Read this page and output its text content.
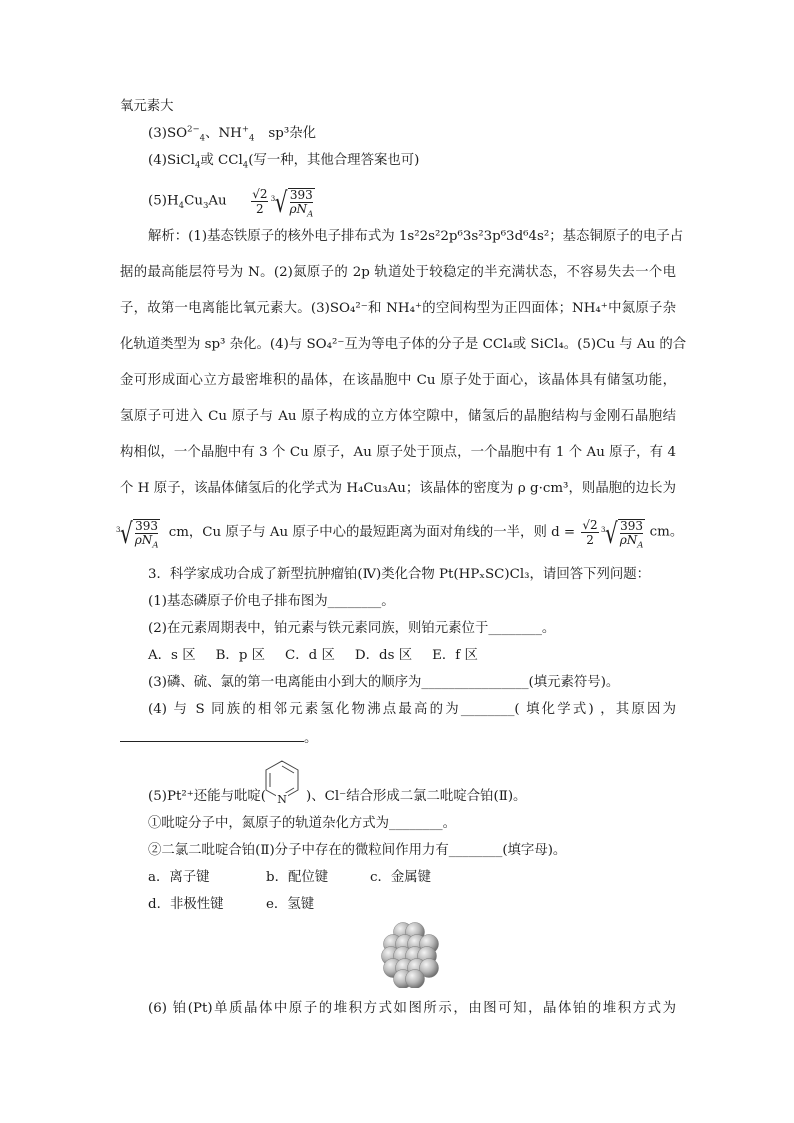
氧元素大
$(3)SO^{2-}_4$、$NH^+_4$ sp³杂化
(4)SiCl$_4$或 CCl$_4$(写一种，其他合理答案也可)
$(5)H_4Cu_3Au \frac{√2}{2}$
3 √ 393
$\rho N_A$
解析：(1)基态铁原子的核外电子排布式为 1s²2s²2p⁶3s²3p⁶3d⁶4s²；基态铜原子的电子占
据的最高能层符号为 N。(2)氮原子的 2p 轨道处于较稳定的半充满状态，不容易失去一个电
子，故第一电离能比氧元素大。(3)SO₄²⁻和 NH₄⁺的空间构型为正四面体；NH₄⁺中氮原子杂
化轨道类型为 sp³ 杂化。(4)与 SO₄²⁻互为等电子体的分子是 CCl₄或 SiCl₄。(5)Cu 与 Au 的合
金可形成面心立方最密堆积的晶体，在该晶胞中 Cu 原子处于面心，该晶体具有储氢功能，
氢原子可进入 Cu 原子与 Au 原子构成的立方体空隙中，储氢后的晶胞结构与金刚石晶胞结
构相似，一个晶胞中有 3 个 Cu 原子，Au 原子处于顶点，一个晶胞中有 1 个 Au 原子，有 4
个 H 原子，该晶体储氢后的化学式为 H₄Cu₃Au；该晶体的密度为 ρ g·cm³，则晶胞的边长为
3 √ 393
$\rho N_A$
cm，Cu 原子与 Au 原子中心的最短距离为面对角线的一半，则 $d = \frac{√2}{2}$
3 √ 393
$\rho N_A$
cm。
3．科学家成功合成了新型抗肿瘤铂(Ⅳ)类化合物 Pt(HPₓSC)Cl₃，请回答下列问题：
(1)基态磷原子价电子排布图为________。
(2)在元素周期表中，铂元素与铁元素同族，则铂元素位于________。
A．s 区 B．p 区 C．d 区 D．ds 区 E．f 区
(3)磷、硫、氯的第一电离能由小到大的顺序为________________(填元素符号)。
(4) 与 S 同族的相邻元素氢化物沸点最高的为________( 填化学式) ，其原因为
。
N
(5)Pt²⁺还能与吡啶(	)、Cl⁻结合形成二氯二吡啶合铂(Ⅱ)。
①吡啶分子中，氮原子的轨道杂化方式为________。
②二氯二吡啶合铂(Ⅱ)分子中存在的微粒间作用力有________(填字母)。
a．离子键	b．配位键	c．金属键
d．非极性键	e．氢键
(6) 铂(Pt)单质晶体中原子的堆积方式如图所示，由图可知，晶体铂的堆积方式为
